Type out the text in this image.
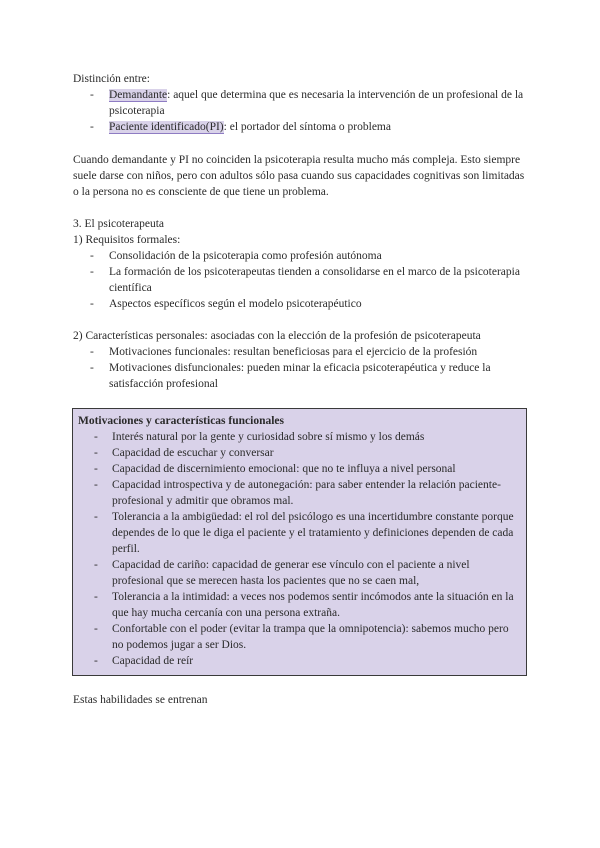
Distinción entre:

- Demandante: aquel que determina que es necesaria la intervención de un profesional de la psicoterapia
- Paciente identificado(PI): el portador del síntoma o problema

Cuando demandante y PI no coinciden la psicoterapia resulta mucho más compleja. Esto siempre suele darse con niños, pero con adultos sólo pasa cuando sus capacidades cognitivas son limitadas o la persona no es consciente de que tiene un problema.

3. El psicoterapeuta

1) Requisitos formales:

- Consolidación de la psicoterapia como profesión autónoma
- La formación de los psicoterapeutas tienden a consolidarse en el marco de la psicoterapia científica
- Aspectos específicos según el modelo psicoterapéutico

2) Características personales: asociadas con la elección de la profesión de psicoterapeuta

- Motivaciones funcionales: resultan beneficiosas para el ejercicio de la profesión
- Motivaciones disfuncionales: pueden minar la eficacia psicoterapéutica y reduce la satisfacción profesional

Motivaciones y características funcionales

- Interés natural por la gente y curiosidad sobre sí mismo y los demás
- Capacidad de escuchar y conversar
- Capacidad de discernimiento emocional: que no te influya a nivel personal
- Capacidad introspectiva y de autonegación: para saber entender la relación paciente-profesional y admitir que obramos mal.
- Tolerancia a la ambigüedad: el rol del psicólogo es una incertidumbre constante porque dependes de lo que le diga el paciente y el tratamiento y definiciones dependen de cada perfil.
- Capacidad de cariño: capacidad de generar ese vínculo con el paciente a nivel profesional que se merecen hasta los pacientes que no se caen mal,
- Tolerancia a la intimidad: a veces nos podemos sentir incómodos ante la situación en la que hay mucha cercanía con una persona extraña.
- Confortable con el poder (evitar la trampa que la omnipotencia): sabemos mucho pero no podemos jugar a ser Dios.
- Capacidad de reír

Estas habilidades se entrenan
